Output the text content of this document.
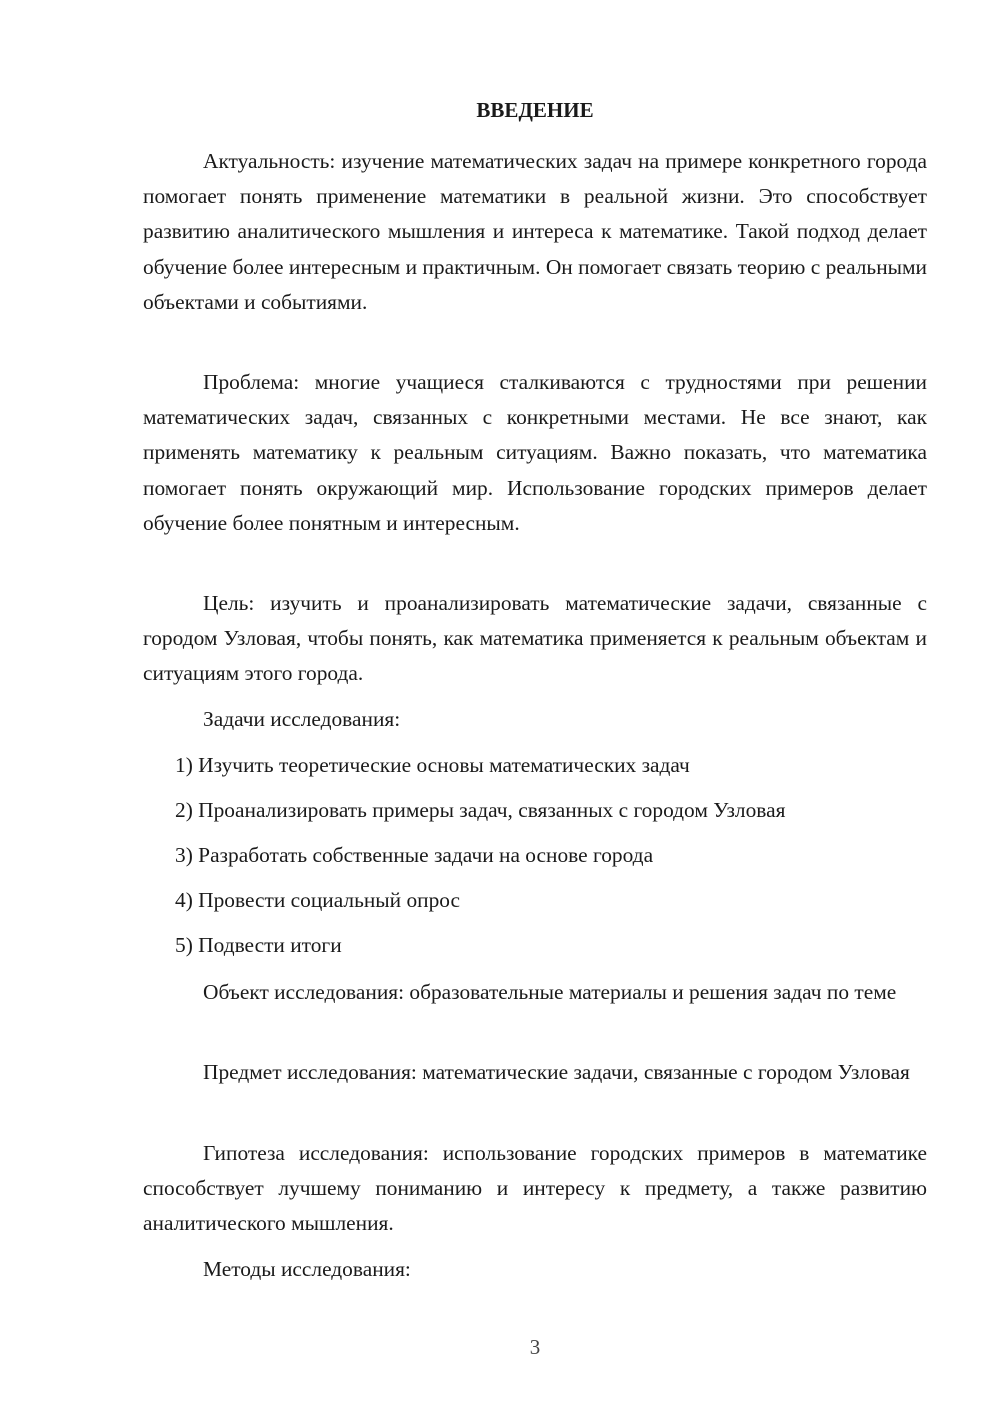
ВВЕДЕНИЕ

Актуальность: изучение математических задач на примере конкретного города помогает понять применение математики в реальной жизни. Это способствует развитию аналитического мышления и интереса к математике. Такой подход делает обучение более интересным и практичным. Он помогает связать теорию с реальными объектами и событиями.

Проблема: многие учащиеся сталкиваются с трудностями при решении математических задач, связанных с конкретными местами. Не все знают, как применять математику к реальным ситуациям. Важно показать, что математика помогает понять окружающий мир. Использование городских примеров делает обучение более понятным и интересным.

Цель: изучить и проанализировать математические задачи, связанные с городом Узловая, чтобы понять, как математика применяется к реальным объектам и ситуациям этого города.

Задачи исследования:

1) Изучить теоретические основы математических задач

2) Проанализировать примеры задач, связанных с городом Узловая

3) Разработать собственные задачи на основе города

4) Провести социальный опрос

5) Подвести итоги

Объект исследования: образовательные материалы и решения задач по теме

Предмет исследования: математические задачи, связанные с городом Узловая

Гипотеза исследования: использование городских примеров в математике способствует лучшему пониманию и интересу к предмету, а также развитию аналитического мышления.

Методы исследования:

3
